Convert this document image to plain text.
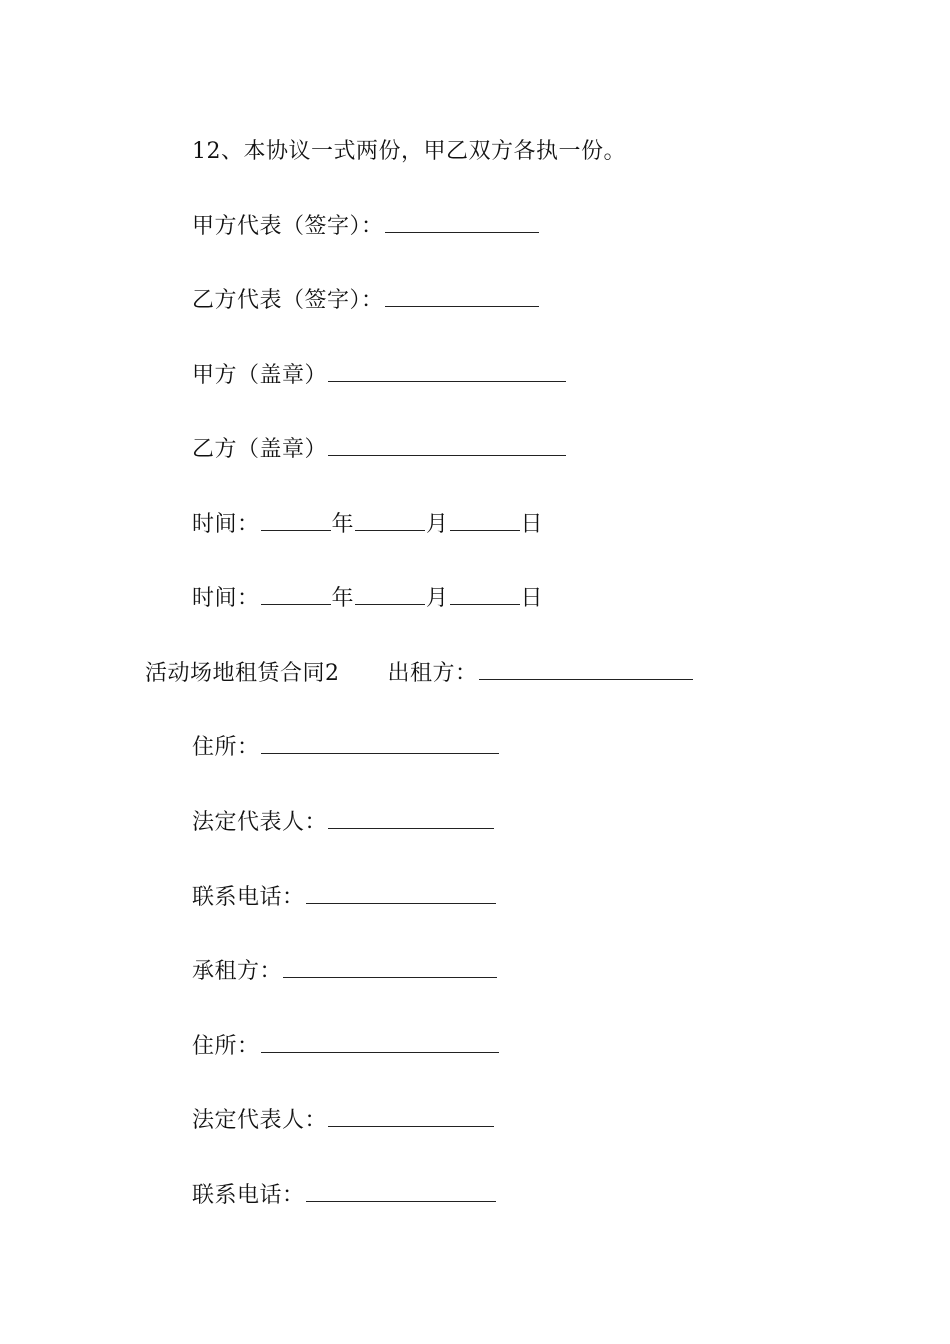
12、本协议一式两份，甲乙双方各执一份。
甲方代表（签字）：
乙方代表（签字）：
甲方（盖章）
乙方（盖章）
时间：	年	月	日
时间：	年	月	日
活动场地租赁合同2 出租方：
住所：
法定代表人：
联系电话：
承租方：
住所：
法定代表人：
联系电话：
